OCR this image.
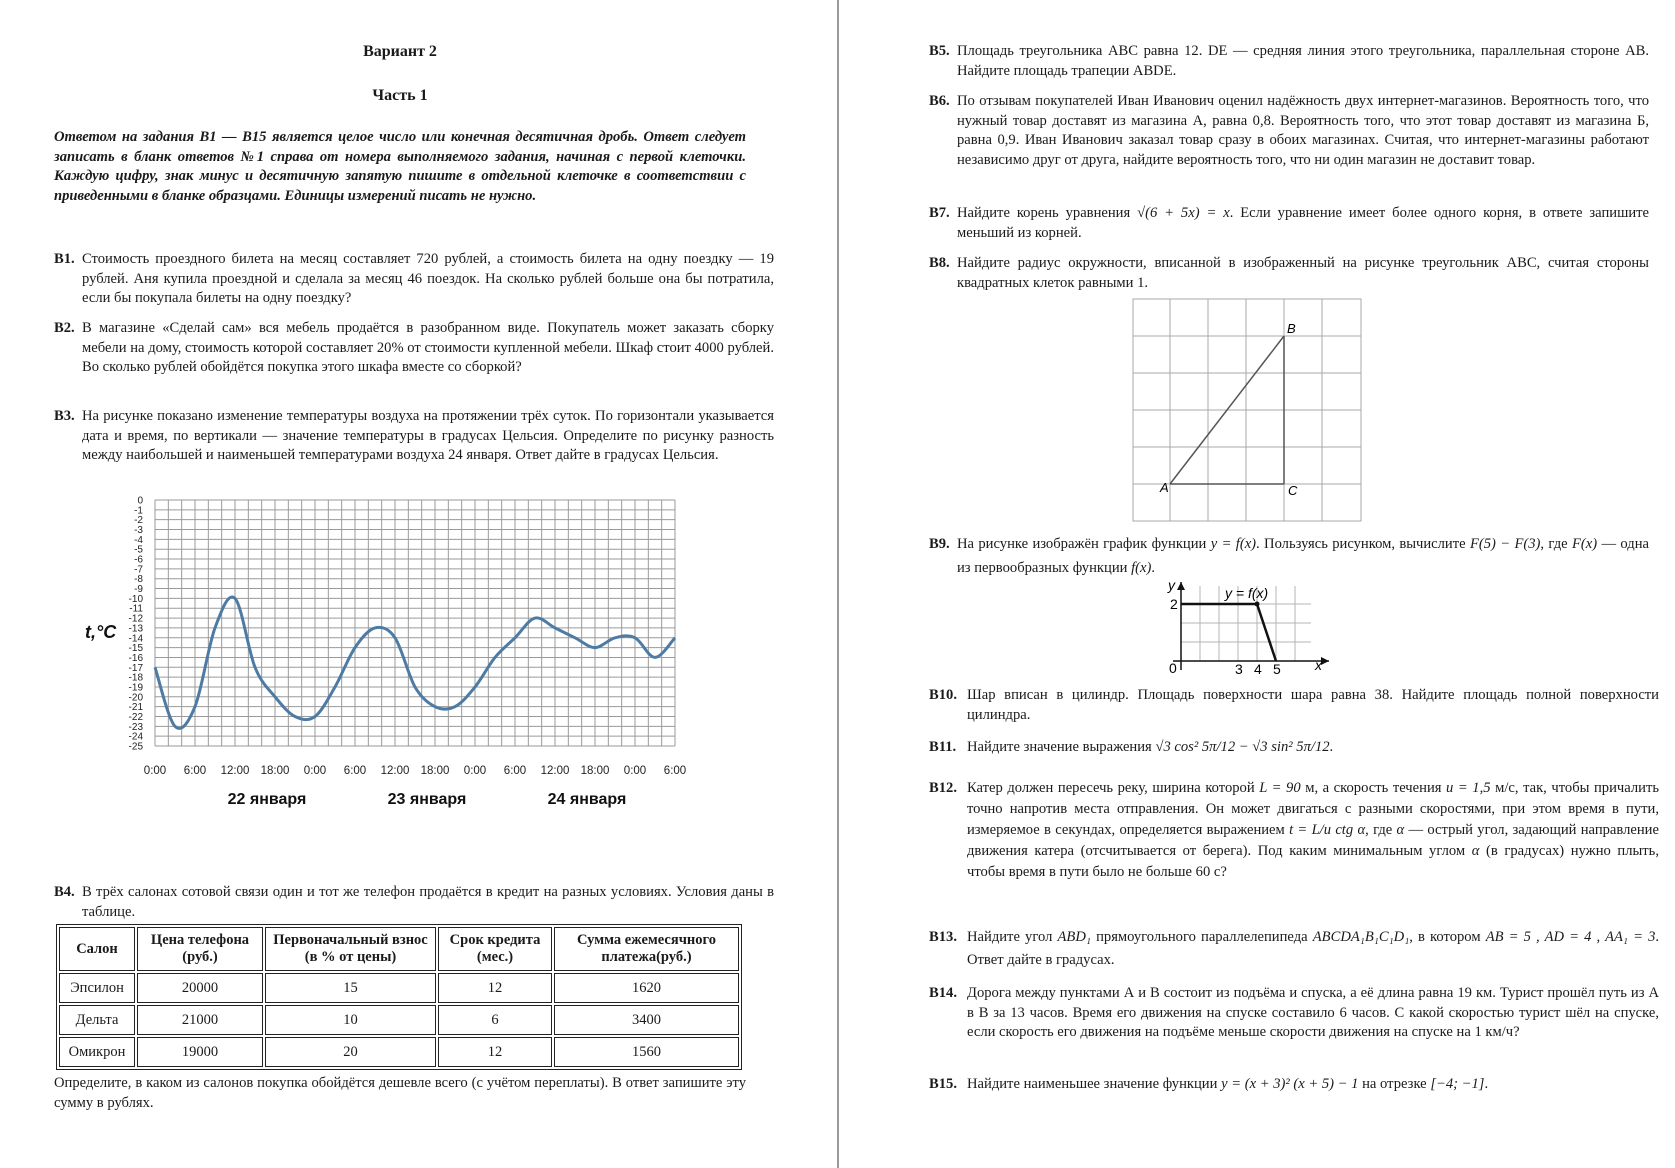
Вариант 2
Часть 1
Ответом на задания В1 — В15 является целое число или конечная десятичная дробь. Ответ следует записать в бланк ответов №1 справа от номера выполняемого задания, начиная с первой клеточки. Каждую цифру, знак минус и десятичную запятую пишите в отдельной клеточке в соответствии с приведенными в бланке образцами. Единицы измерений писать не нужно.
В1. Стоимость проездного билета на месяц составляет 720 рублей, а стоимость билета на одну поездку — 19 рублей. Аня купила проездной и сделала за месяц 46 поездок. На сколько рублей больше она бы потратила, если бы покупала билеты на одну поездку?
В2. В магазине «Сделай сам» вся мебель продаётся в разобранном виде. Покупатель может заказать сборку мебели на дому, стоимость которой составляет 20% от стоимости купленной мебели. Шкаф стоит 4000 рублей. Во сколько рублей обойдётся покупка этого шкафа вместе со сборкой?
В3. На рисунке показано изменение температуры воздуха на протяжении трёх суток. По горизонтали указывается дата и время, по вертикали — значение температуры в градусах Цельсия. Определите по рисунку разность между наибольшей и наименьшей температурами воздуха 24 января. Ответ дайте в градусах Цельсия.
0
-1
-2
-3
-4
-5
-6
-7
-8
-9
-10
-11
-12
-13
-14
-15
-16
-17
-18
-19
-20
-21
-22
-23
-24
-25
0:00 6:00 12:00 18:00 0:00 6:00 12:00 18:00 0:00 6:00 12:00 18:00 0:00 6:00
22 января	23 января	24 января
t,°C
В4. В трёх салонах сотовой связи один и тот же телефон продаётся в кредит на разных условиях. Условия даны в таблице.
Салон	Цена телефона (руб.)	Первоначальный взнос (в % от цены)	Срок кредита (мес.)	Сумма ежемесячного платежа(руб.)
Эпсилон	20000	15	12	1620
Дельта	21000	10	6	3400
Омикрон	19000	20	12	1560
Определите, в каком из салонов покупка обойдётся дешевле всего (с учётом переплаты). В ответ запишите эту сумму в рублях.
В5. Площадь треугольника ABC равна 12. DE — средняя линия этого треугольника, параллельная стороне AB. Найдите площадь трапеции ABDE.
В6. По отзывам покупателей Иван Иванович оценил надёжность двух интернет-магазинов. Вероятность того, что нужный товар доставят из магазина А, равна 0,8. Вероятность того, что этот товар доставят из магазина Б, равна 0,9. Иван Иванович заказал товар сразу в обоих магазинах. Считая, что интернет-магазины работают независимо друг от друга, найдите вероятность того, что ни один магазин не доставит товар.
В7. Найдите корень уравнения √(6 + 5x) = x. Если уравнение имеет более одного корня, в ответе запишите меньший из корней.
В8. Найдите радиус окружности, вписанной в изображенный на рисунке треугольник ABC, считая стороны квадратных клеток равными 1.
A
B
C
В9. На рисунке изображён график функции y = f(x). Пользуясь рисунком, вычислите F(5) − F(3), где F(x) — одна из первообразных функции f(x).
y	y = f(x)
2
0	3 4 5 x
В10. Шар вписан в цилиндр. Площадь поверхности шара равна 38. Найдите площадь полной поверхности цилиндра.
В11. Найдите значение выражения √3 cos² 5π/12 − √3 sin² 5π/12.
В12. Катер должен пересечь реку, ширина которой L = 90 м, а скорость течения u = 1,5 м/с, так, чтобы причалить точно напротив места отправления. Он может двигаться с разными скоростями, при этом время в пути, измеряемое в секундах, определяется выражением t = L/u ctg α, где α — острый угол, задающий направление движения катера (отсчитывается от берега). Под каким минимальным углом α (в градусах) нужно плыть, чтобы время в пути было не больше 60 с?
В13. Найдите угол ABD₁ прямоугольного параллелепипеда ABCDA₁B₁C₁D₁, в котором AB = 5 , AD = 4 , AA₁ = 3. Ответ дайте в градусах.
В14. Дорога между пунктами А и В состоит из подъёма и спуска, а её длина равна 19 км. Турист прошёл путь из А в В за 13 часов. Время его движения на спуске составило 6 часов. С какой скоростью турист шёл на спуске, если скорость его движения на подъёме меньше скорости движения на спуске на 1 км/ч?
В15. Найдите наименьшее значение функции y = (x + 3)² (x + 5) − 1 на отрезке [−4; −1].
